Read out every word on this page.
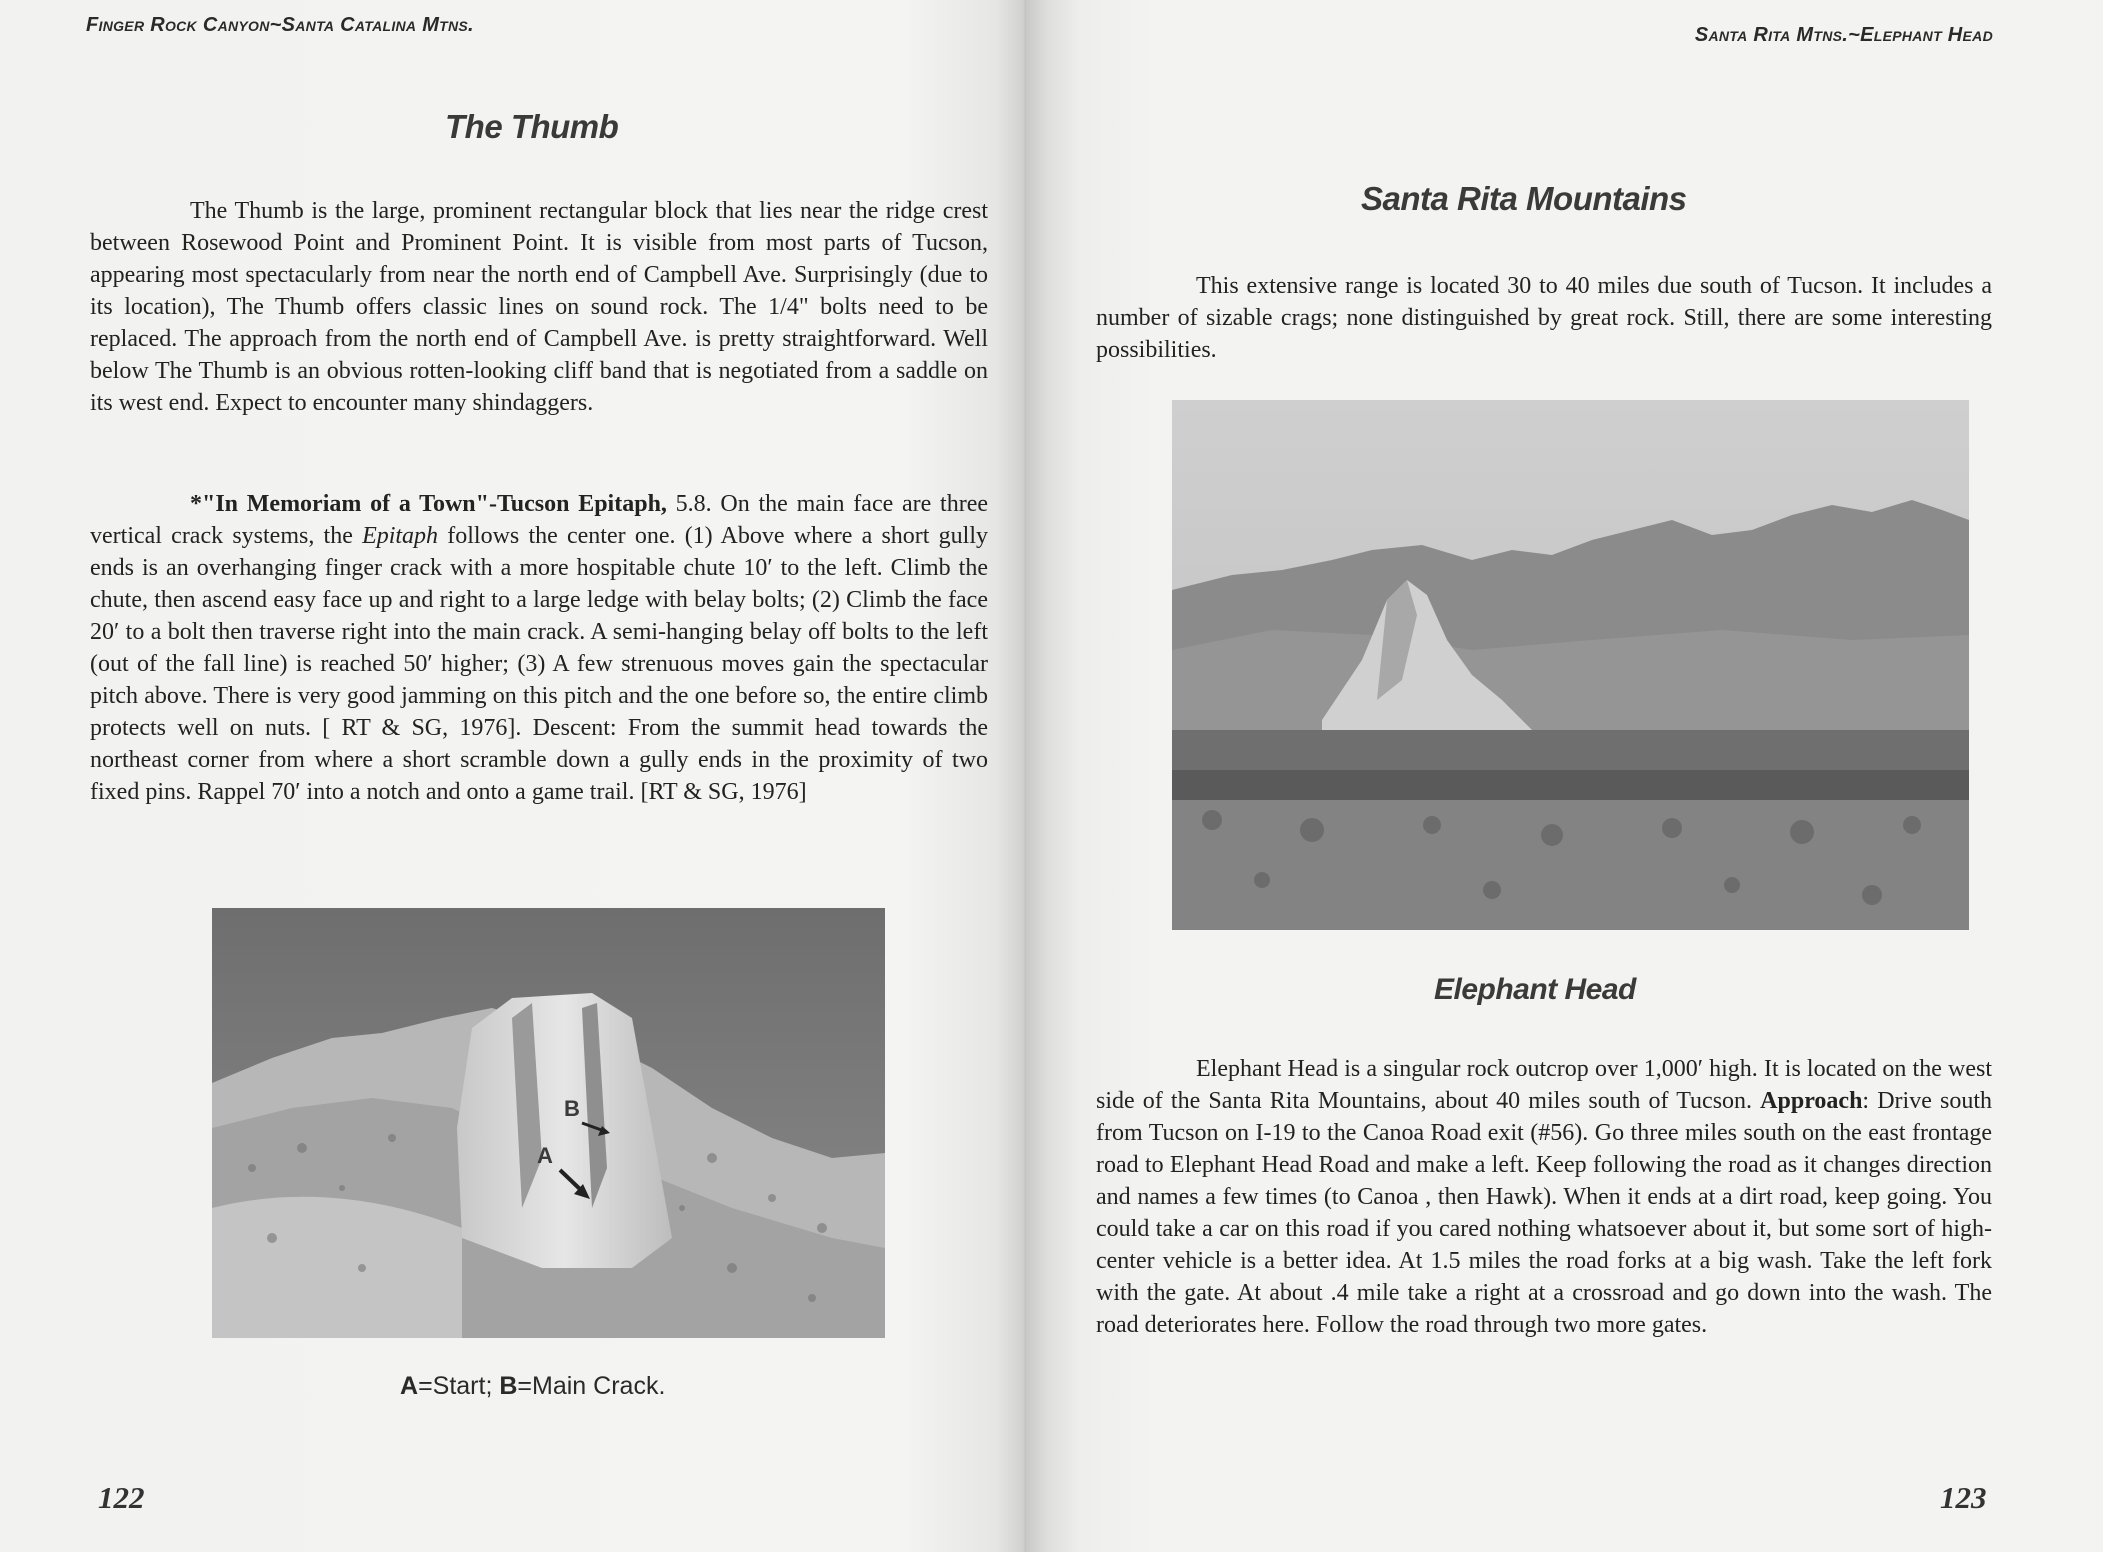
Finger Rock Canyon~Santa Catalina Mtns.
The Thumb

The Thumb is the large, prominent rectangular block that lies near the ridge crest between Rosewood Point and Prominent Point. It is visible from most parts of Tucson, appearing most spectacularly from near the north end of Campbell Ave. Surprisingly (due to its location), The Thumb offers classic lines on sound rock. The 1/4" bolts need to be replaced. The approach from the north end of Campbell Ave. is pretty straightforward. Well below The Thumb is an obvious rotten-looking cliff band that is negotiated from a saddle on its west end. Expect to encounter many shindaggers.

*"In Memoriam of a Town"-Tucson Epitaph, 5.8. On the main face are three vertical crack systems, the Epitaph follows the center one. (1) Above where a short gully ends is an overhanging finger crack with a more hospitable chute 10′ to the left. Climb the chute, then ascend easy face up and right to a large ledge with belay bolts; (2) Climb the face 20′ to a bolt then traverse right into the main crack. A semi-hanging belay off bolts to the left (out of the fall line) is reached 50′ higher; (3) A few strenuous moves gain the spectacular pitch above. There is very good jamming on this pitch and the one before so, the entire climb protects well on nuts. [ RT & SG, 1976]. Descent: From the summit head towards the northeast corner from where a short scramble down a gully ends in the proximity of two fixed pins. Rappel 70′ into a notch and onto a game trail. [RT & SG, 1976]

B
A
A=Start; B=Main Crack.
122
Santa Rita Mtns.~Elephant Head
Santa Rita Mountains

This extensive range is located 30 to 40 miles due south of Tucson. It includes a number of sizable crags; none distinguished by great rock. Still, there are some interesting possibilities.

Elephant Head

Elephant Head is a singular rock outcrop over 1,000′ high. It is located on the west side of the Santa Rita Mountains, about 40 miles south of Tucson. Approach: Drive south from Tucson on I-19 to the Canoa Road exit (#56). Go three miles south on the east frontage road to Elephant Head Road and make a left. Keep following the road as it changes direction and names a few times (to Canoa , then Hawk). When it ends at a dirt road, keep going. You could take a car on this road if you cared nothing whatsoever about it, but some sort of high-center vehicle is a better idea. At 1.5 miles the road forks at a big wash. Take the left fork with the gate. At about .4 mile take a right at a crossroad and go down into the wash. The road deteriorates here. Follow the road through two more gates.

123
